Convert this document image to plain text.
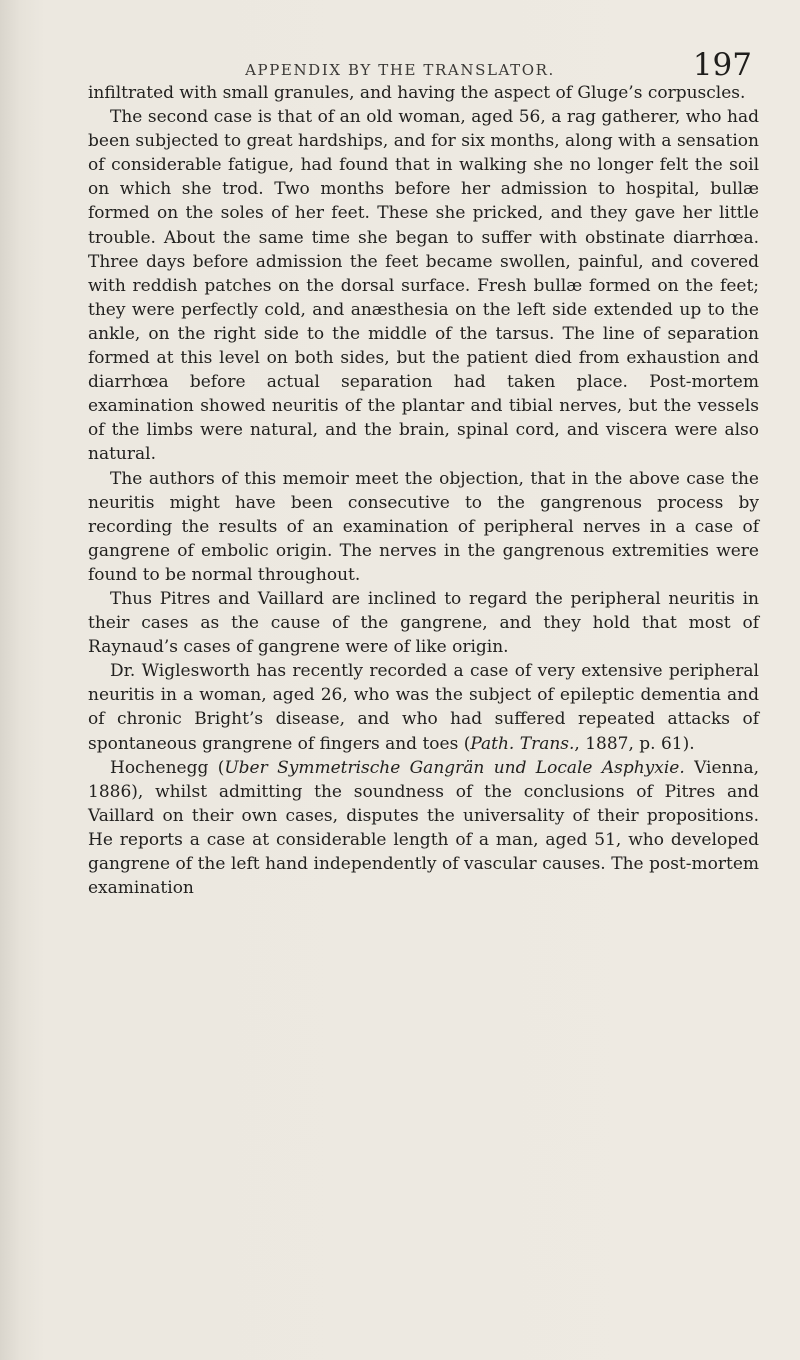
APPENDIX BY THE TRANSLATOR.	197

infiltrated with small granules, and having the aspect of Gluge’s corpuscles.

The second case is that of an old woman, aged 56, a rag gatherer, who had been subjected to great hardships, and for six months, along with a sensation of considerable fatigue, had found that in walking she no longer felt the soil on which she trod. Two months before her admission to hospital, bullæ formed on the soles of her feet. These she pricked, and they gave her little trouble. About the same time she began to suffer with obstinate diarrhœa. Three days before admission the feet became swollen, painful, and covered with reddish patches on the dorsal surface. Fresh bullæ formed on the feet; they were perfectly cold, and anæsthesia on the left side extended up to the ankle, on the right side to the middle of the tarsus. The line of separation formed at this level on both sides, but the patient died from exhaustion and diarrhœa before actual separation had taken place. Post-mortem examination showed neuritis of the plantar and tibial nerves, but the vessels of the limbs were natural, and the brain, spinal cord, and viscera were also natural.

The authors of this memoir meet the objection, that in the above case the neuritis might have been consecutive to the gangrenous process by recording the results of an examination of peripheral nerves in a case of gangrene of embolic origin. The nerves in the gangrenous extremities were found to be normal throughout.

Thus Pitres and Vaillard are inclined to regard the peripheral neuritis in their cases as the cause of the gangrene, and they hold that most of Raynaud’s cases of gangrene were of like origin.

Dr. Wiglesworth has recently recorded a case of very extensive peripheral neuritis in a woman, aged 26, who was the subject of epileptic dementia and of chronic Bright’s disease, and who had suffered repeated attacks of spontaneous grangrene of fingers and toes (Path. Trans., 1887, p. 61).

Hochenegg (Uber Symmetrische Gangrän und Locale Asphyxie. Vienna, 1886), whilst admitting the soundness of the conclusions of Pitres and Vaillard on their own cases, disputes the universality of their propositions. He reports a case at considerable length of a man, aged 51, who developed gangrene of the left hand independently of vascular causes. The post-mortem examination
